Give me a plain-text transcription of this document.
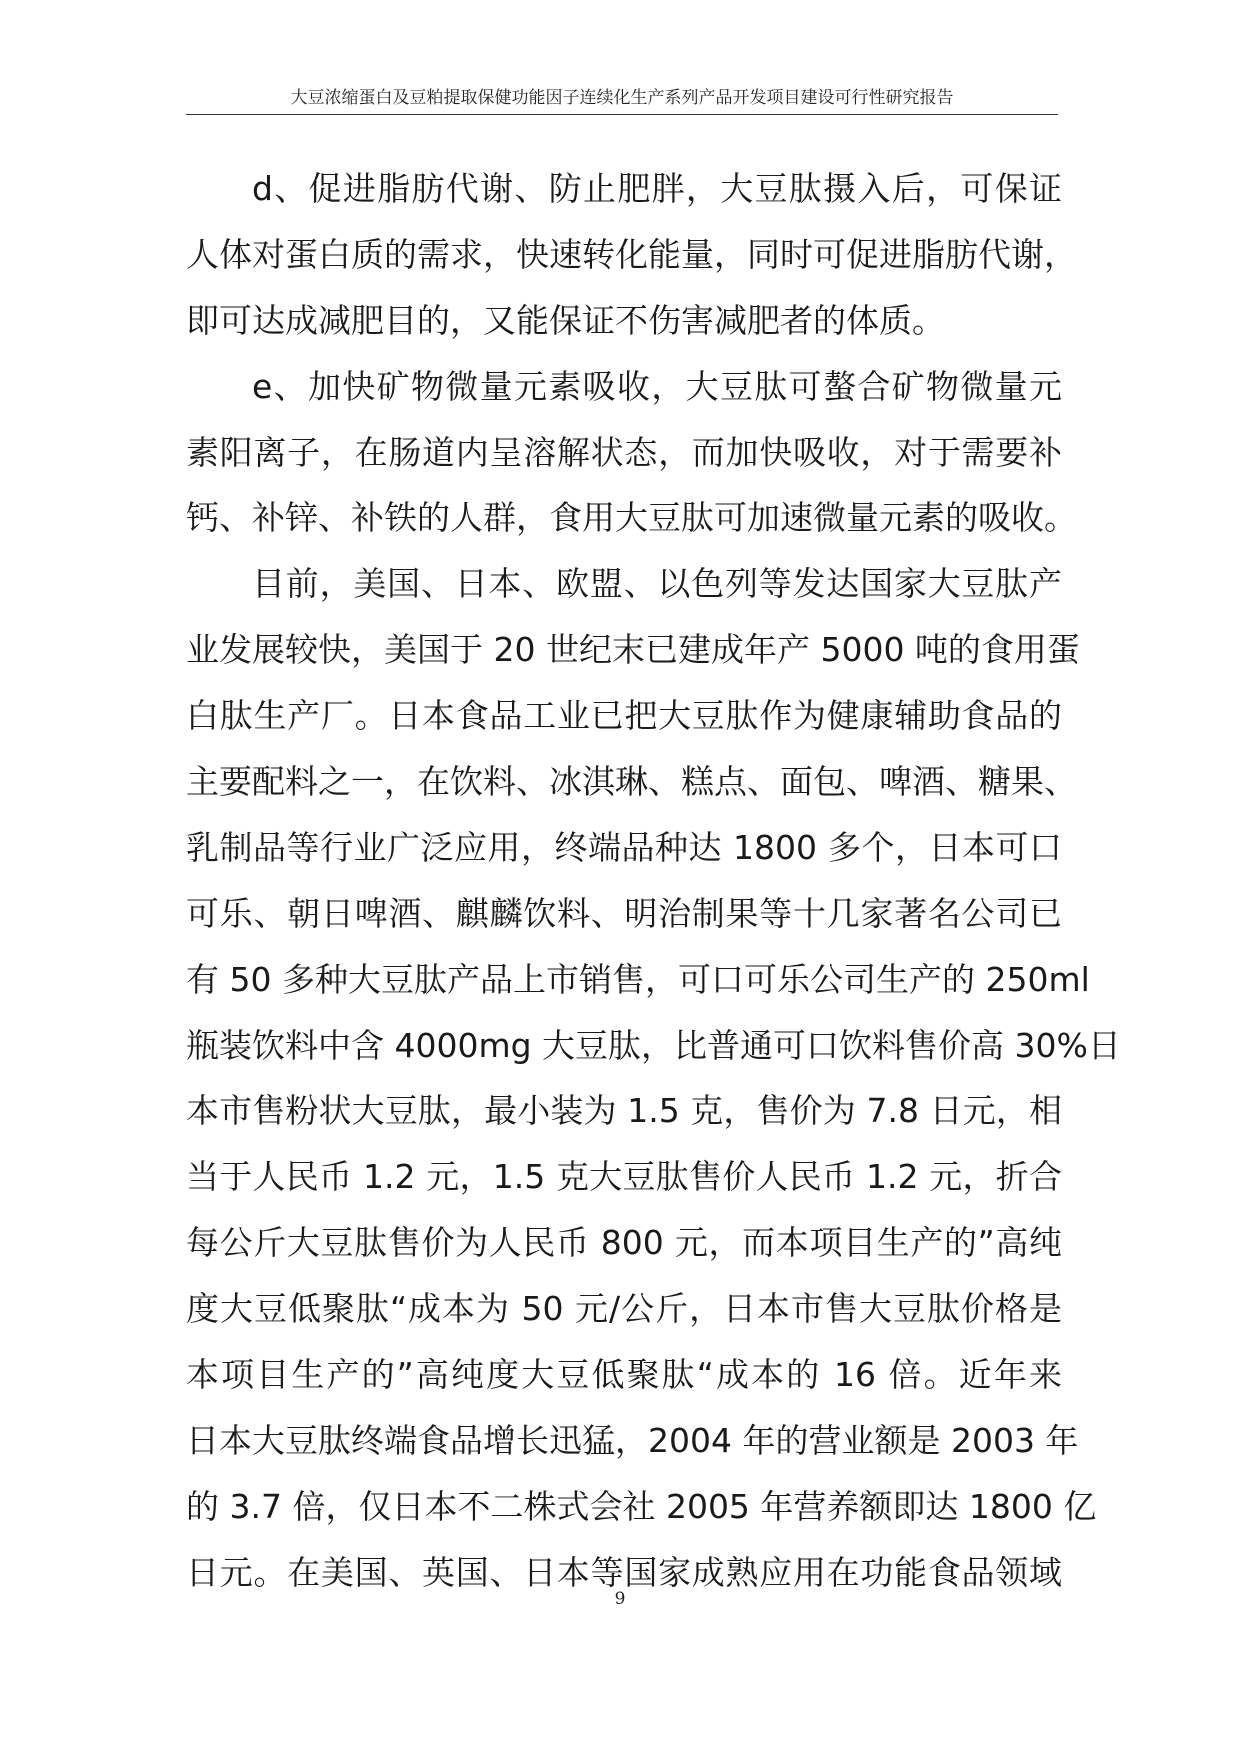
大豆浓缩蛋白及豆粕提取保健功能因子连续化生产系列产品开发项目建设可行性研究报告
d、促进脂肪代谢、防止肥胖，大豆肽摄入后，可保证
人体对蛋白质的需求，快速转化能量，同时可促进脂肪代谢，
即可达成减肥目的，又能保证不伤害减肥者的体质。
e、加快矿物微量元素吸收，大豆肽可螯合矿物微量元
素阳离子，在肠道内呈溶解状态，而加快吸收，对于需要补
钙、补锌、补铁的人群，食用大豆肽可加速微量元素的吸收。
目前，美国、日本、欧盟、以色列等发达国家大豆肽产
业发展较快，美国于 20 世纪末已建成年产 5000 吨的食用蛋
白肽生产厂。日本食品工业已把大豆肽作为健康辅助食品的
主要配料之一，在饮料、冰淇琳、糕点、面包、啤酒、糖果、
乳制品等行业广泛应用，终端品种达 1800 多个，日本可口
可乐、朝日啤酒、麒麟饮料、明治制果等十几家著名公司已
有 50 多种大豆肽产品上市销售，可口可乐公司生产的 250ml
瓶装饮料中含 4000mg 大豆肽，比普通可口饮料售价高 30%日
本市售粉状大豆肽，最小装为 1.5 克，售价为 7.8 日元，相
当于人民币 1.2 元，1.5 克大豆肽售价人民币 1.2 元，折合
每公斤大豆肽售价为人民币 800 元，而本项目生产的”高纯
度大豆低聚肽“成本为 50 元/公斤，日本市售大豆肽价格是
本项目生产的”高纯度大豆低聚肽“成本的 16 倍。近年来
日本大豆肽终端食品增长迅猛，2004 年的营业额是 2003 年
的 3.7 倍，仅日本不二株式会社 2005 年营养额即达 1800 亿
日元。在美国、英国、日本等国家成熟应用在功能食品领域
9
